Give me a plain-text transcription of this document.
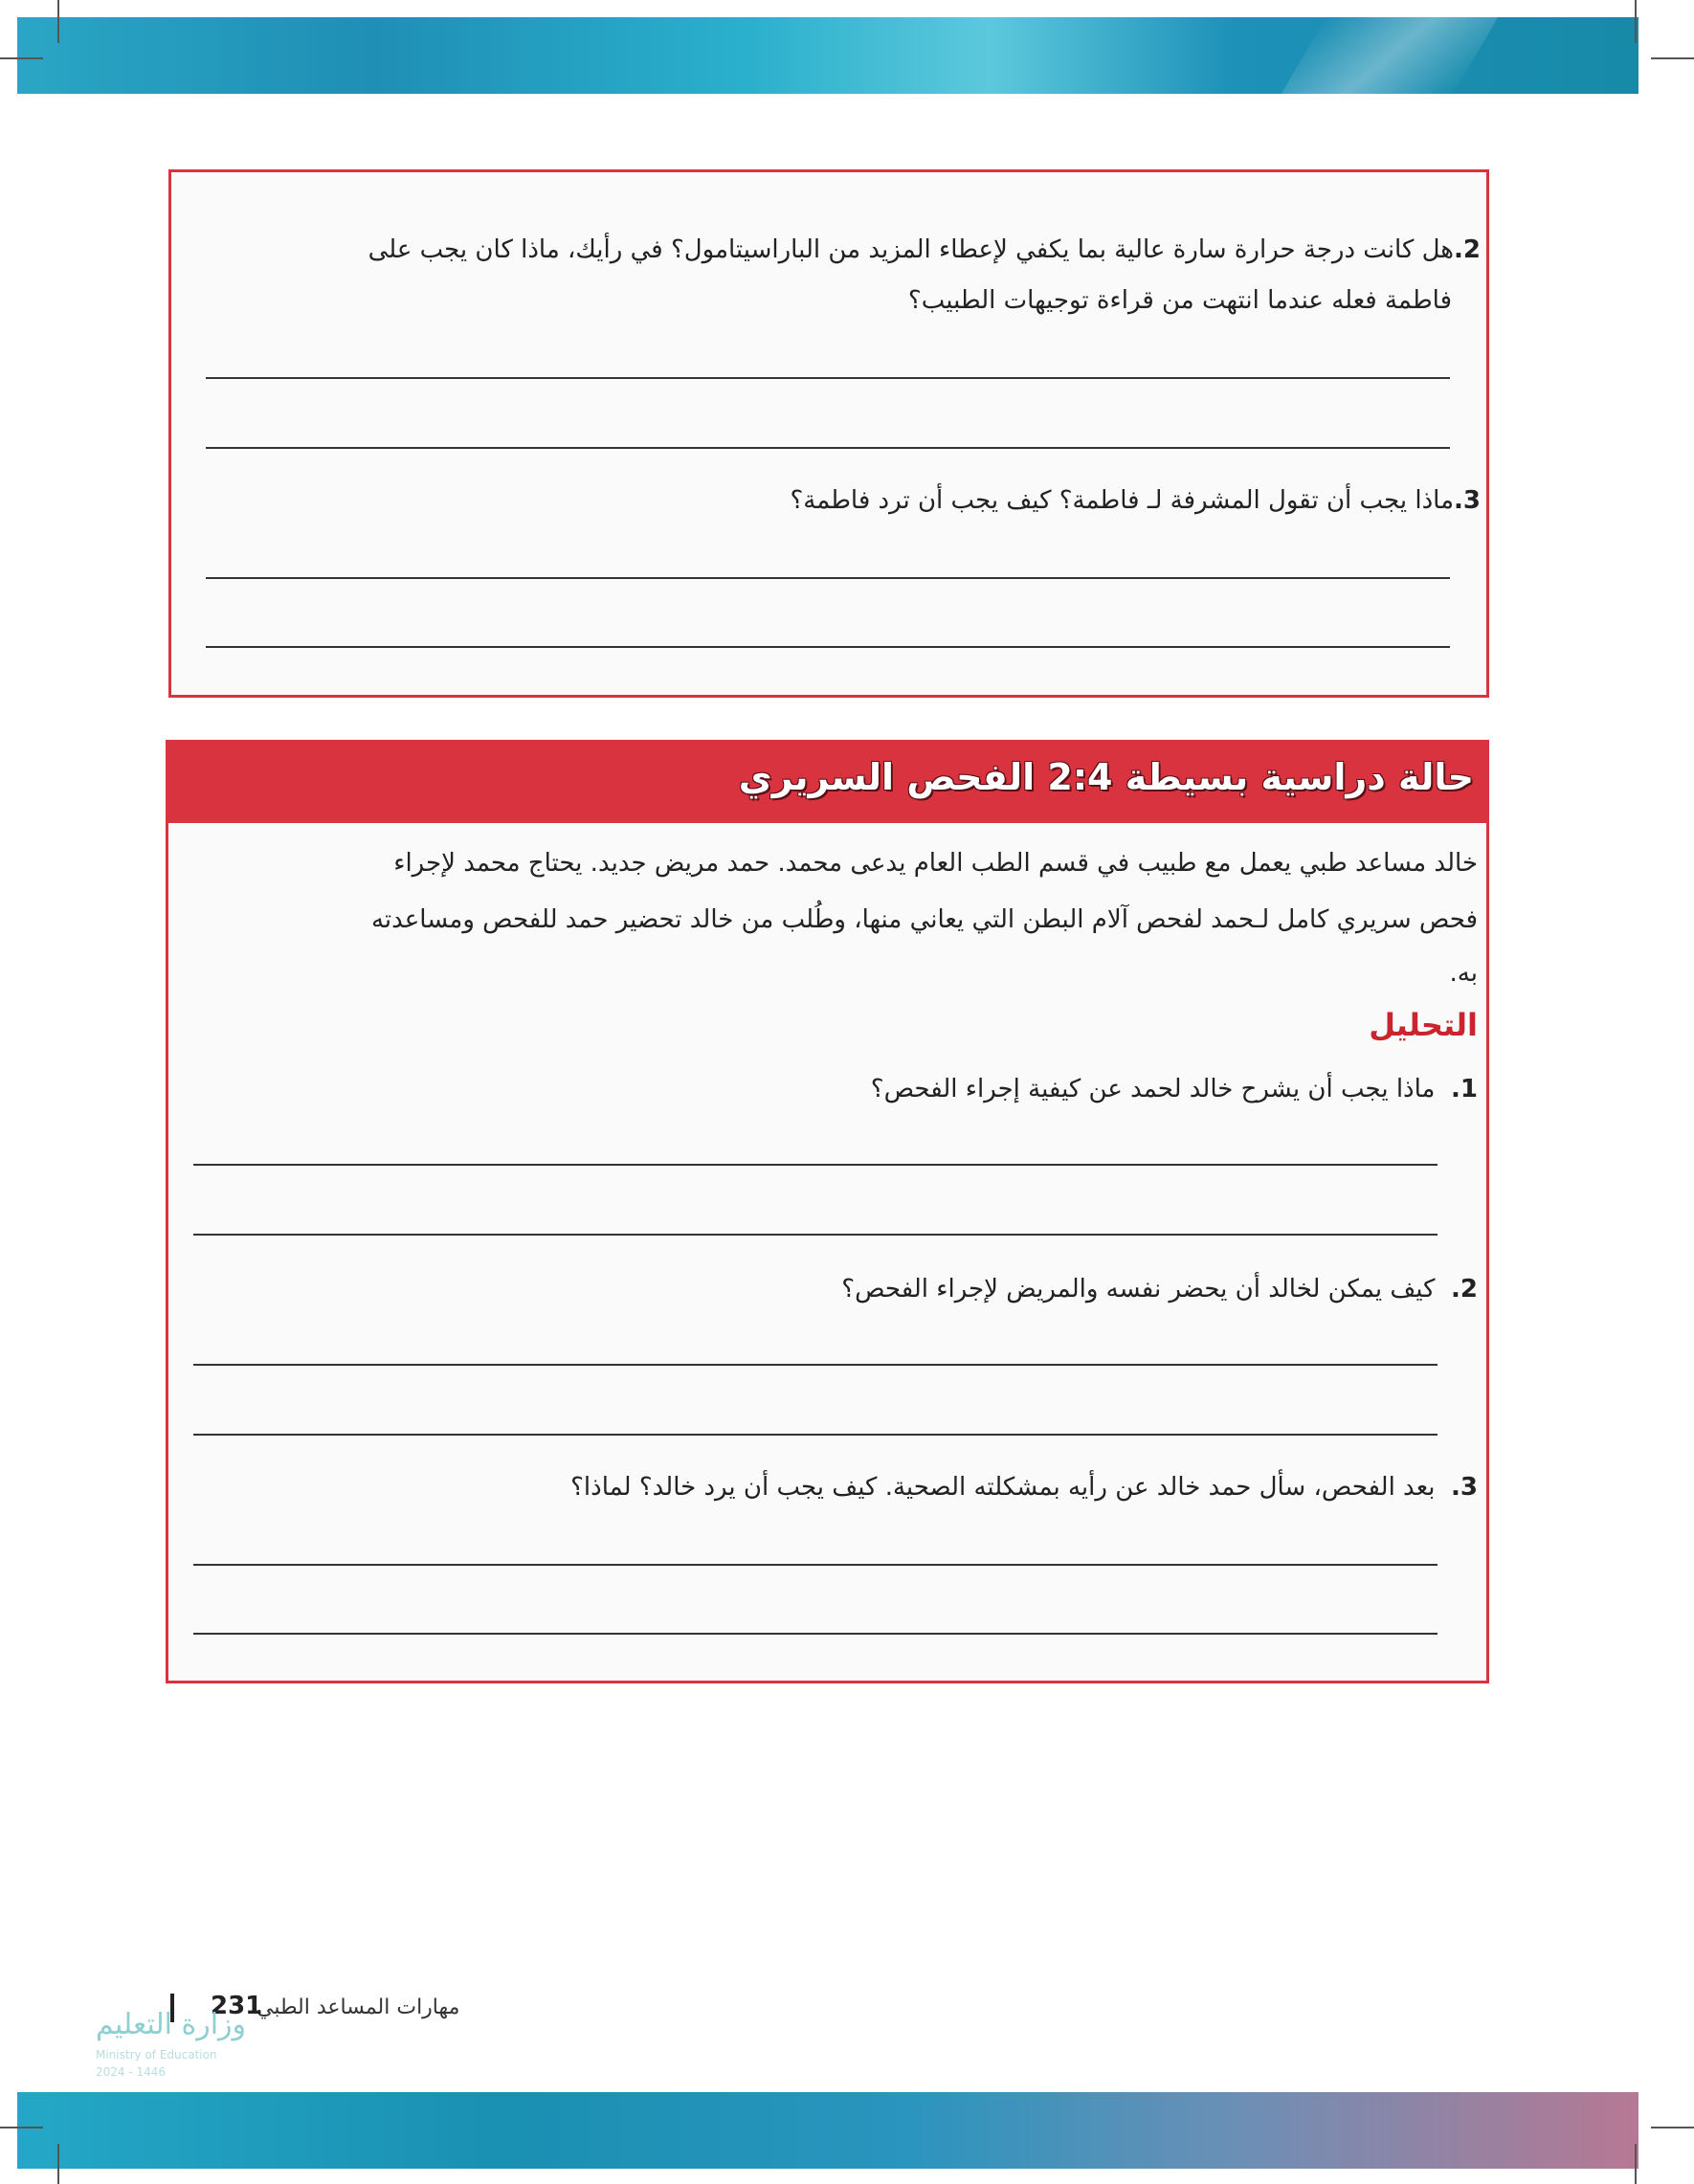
2.هل كانت درجة حرارة سارة عالية بما يكفي لإعطاء المزيد من الباراسيتامول؟ في رأيك، ماذا كان يجب على
فاطمة فعله عندما انتهت من قراءة توجيهات الطبيب؟
3.ماذا يجب أن تقول المشرفة لـ فاطمة؟ كيف يجب أن ترد فاطمة؟
حالة دراسية بسيطة 2:4 الفحص السريري
خالد مساعد طبي يعمل مع طبيب في قسم الطب العام يدعى محمد. حمد مريض جديد. يحتاج محمد لإجراء
فحص سريري كامل لـحمد لفحص آلام البطن التي يعاني منها، وطُلب من خالد تحضير حمد للفحص ومساعدته
به.
التحليل
1.  ماذا يجب أن يشرح خالد لحمد عن كيفية إجراء الفحص؟
2.  كيف يمكن لخالد أن يحضر نفسه والمريض لإجراء الفحص؟
3.  بعد الفحص، سأل حمد خالد عن رأيه بمشكلته الصحية. كيف يجب أن يرد خالد؟ لماذا؟
مهارات المساعد الطبي
231
وزارة التعليم
Ministry of Education
2024 - 1446
